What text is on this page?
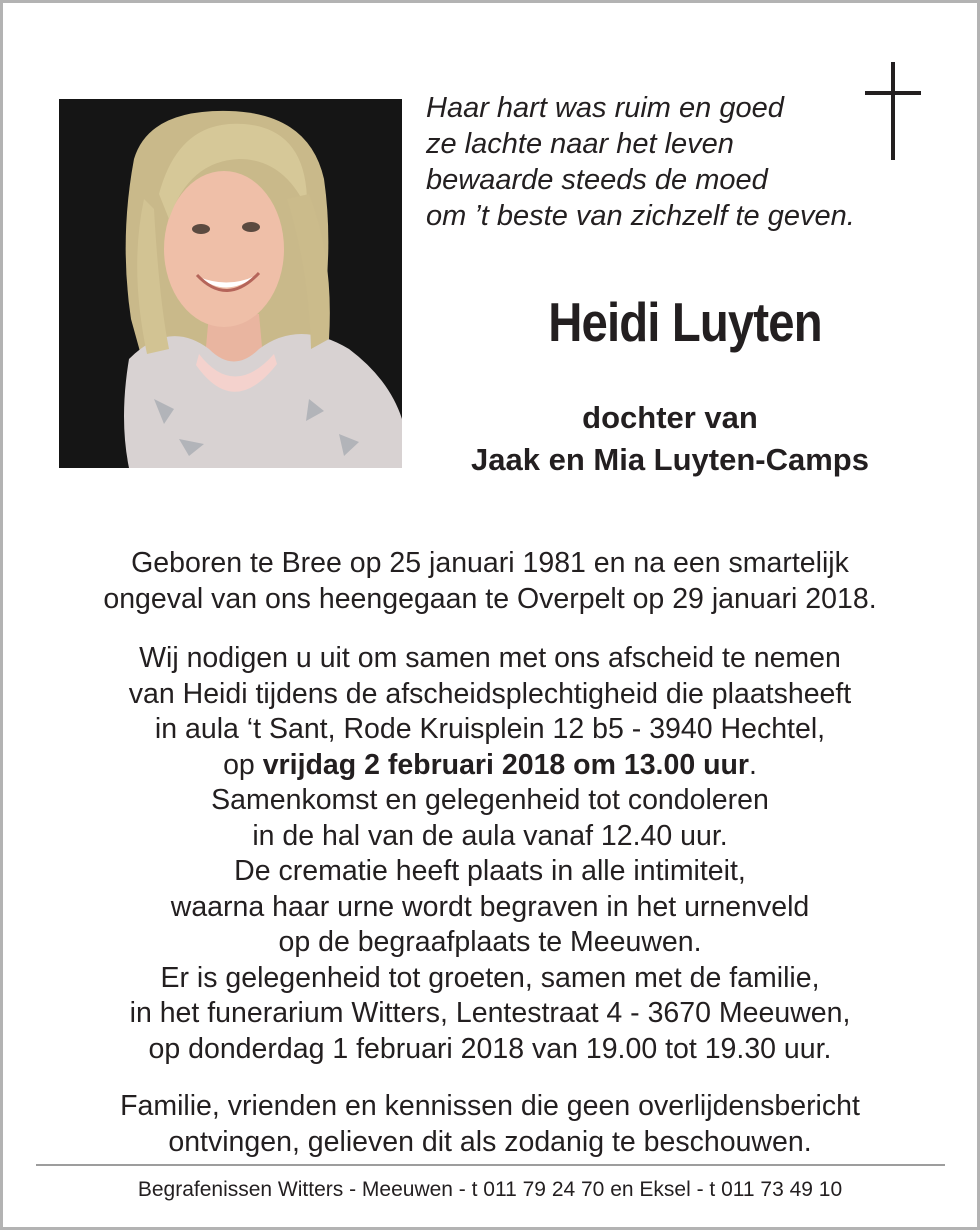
Haar hart was ruim en goed
ze lachte naar het leven
bewaarde steeds de moed
om ’t beste van zichzelf te geven.
Heidi Luyten
dochter van
Jaak en Mia Luyten-Camps
Geboren te Bree op 25 januari 1981 en na een smartelijk
ongeval van ons heengegaan te Overpelt op 29 januari 2018.
Wij nodigen u uit om samen met ons afscheid te nemen
van Heidi tijdens de afscheidsplechtigheid die plaatsheeft
in aula ‘t Sant, Rode Kruisplein 12 b5 - 3940 Hechtel,
op vrijdag 2 februari 2018 om 13.00 uur.
Samenkomst en gelegenheid tot condoleren
in de hal van de aula vanaf 12.40 uur.
De crematie heeft plaats in alle intimiteit,
waarna haar urne wordt begraven in het urnenveld
op de begraafplaats te Meeuwen.
Er is gelegenheid tot groeten, samen met de familie,
in het funerarium Witters, Lentestraat 4 - 3670 Meeuwen,
op donderdag 1 februari 2018 van 19.00 tot 19.30 uur.
Familie, vrienden en kennissen die geen overlijdensbericht
ontvingen, gelieven dit als zodanig te beschouwen.
Begrafenissen Witters - Meeuwen - t 011 79 24 70 en Eksel - t 011 73 49 10
